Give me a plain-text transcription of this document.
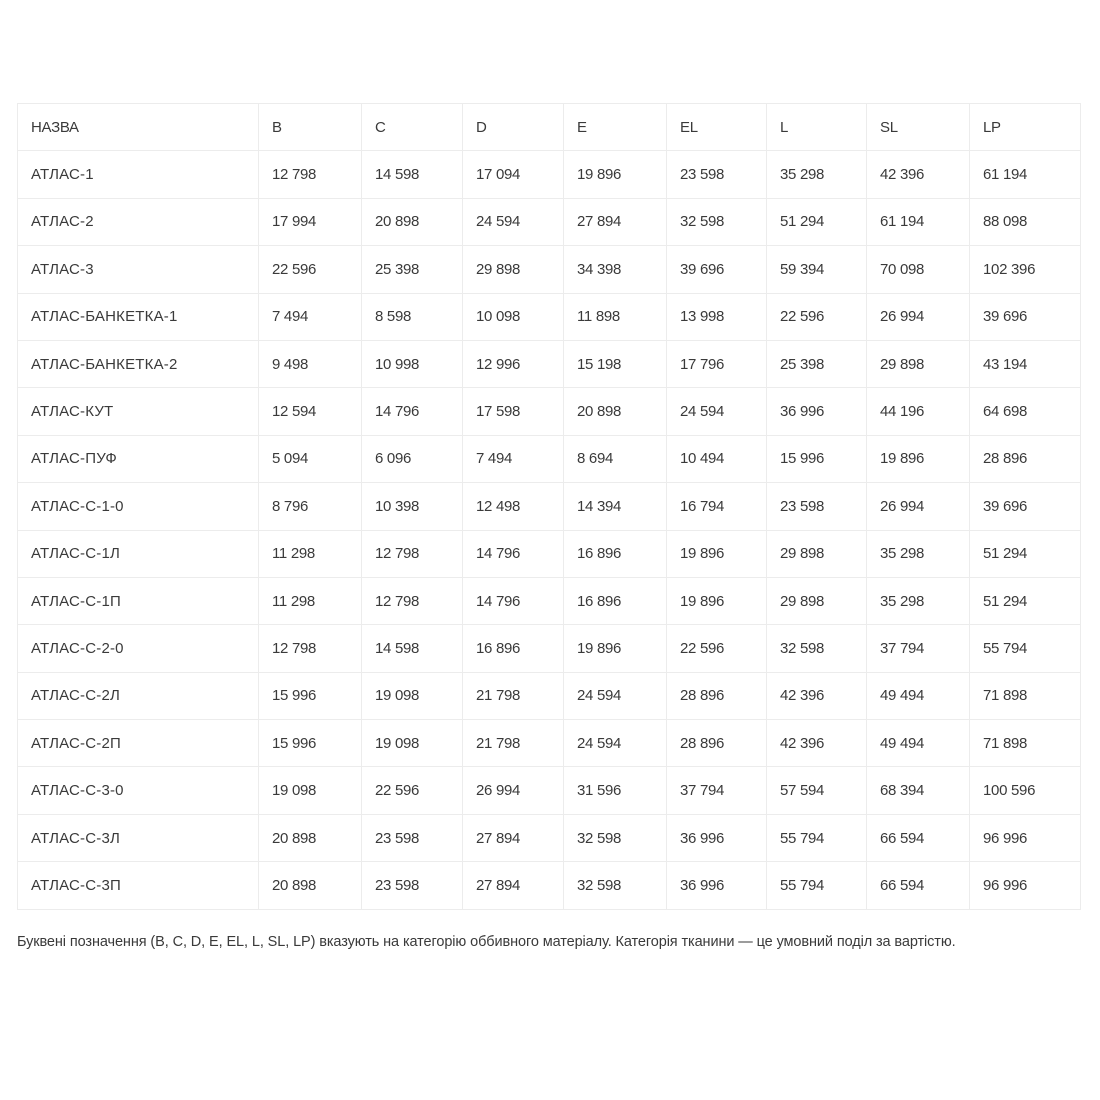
НАЗВА	B	C	D	E	EL	L	SL	LP
АТЛАС-1	12 798	14 598	17 094	19 896	23 598	35 298	42 396	61 194
АТЛАС-2	17 994	20 898	24 594	27 894	32 598	51 294	61 194	88 098
АТЛАС-3	22 596	25 398	29 898	34 398	39 696	59 394	70 098	102 396
АТЛАС-БАНКЕТКА-1	7 494	8 598	10 098	11 898	13 998	22 596	26 994	39 696
АТЛАС-БАНКЕТКА-2	9 498	10 998	12 996	15 198	17 796	25 398	29 898	43 194
АТЛАС-КУТ	12 594	14 796	17 598	20 898	24 594	36 996	44 196	64 698
АТЛАС-ПУФ	5 094	6 096	7 494	8 694	10 494	15 996	19 896	28 896
АТЛАС-С-1-0	8 796	10 398	12 498	14 394	16 794	23 598	26 994	39 696
АТЛАС-С-1Л	11 298	12 798	14 796	16 896	19 896	29 898	35 298	51 294
АТЛАС-С-1П	11 298	12 798	14 796	16 896	19 896	29 898	35 298	51 294
АТЛАС-С-2-0	12 798	14 598	16 896	19 896	22 596	32 598	37 794	55 794
АТЛАС-С-2Л	15 996	19 098	21 798	24 594	28 896	42 396	49 494	71 898
АТЛАС-С-2П	15 996	19 098	21 798	24 594	28 896	42 396	49 494	71 898
АТЛАС-С-3-0	19 098	22 596	26 994	31 596	37 794	57 594	68 394	100 596
АТЛАС-С-3Л	20 898	23 598	27 894	32 598	36 996	55 794	66 594	96 996
АТЛАС-С-3П	20 898	23 598	27 894	32 598	36 996	55 794	66 594	96 996

Буквені позначення (B, C, D, E, EL, L, SL, LP) вказують на категорію оббивного матеріалу. Категорія тканини — це умовний поділ за вартістю.
